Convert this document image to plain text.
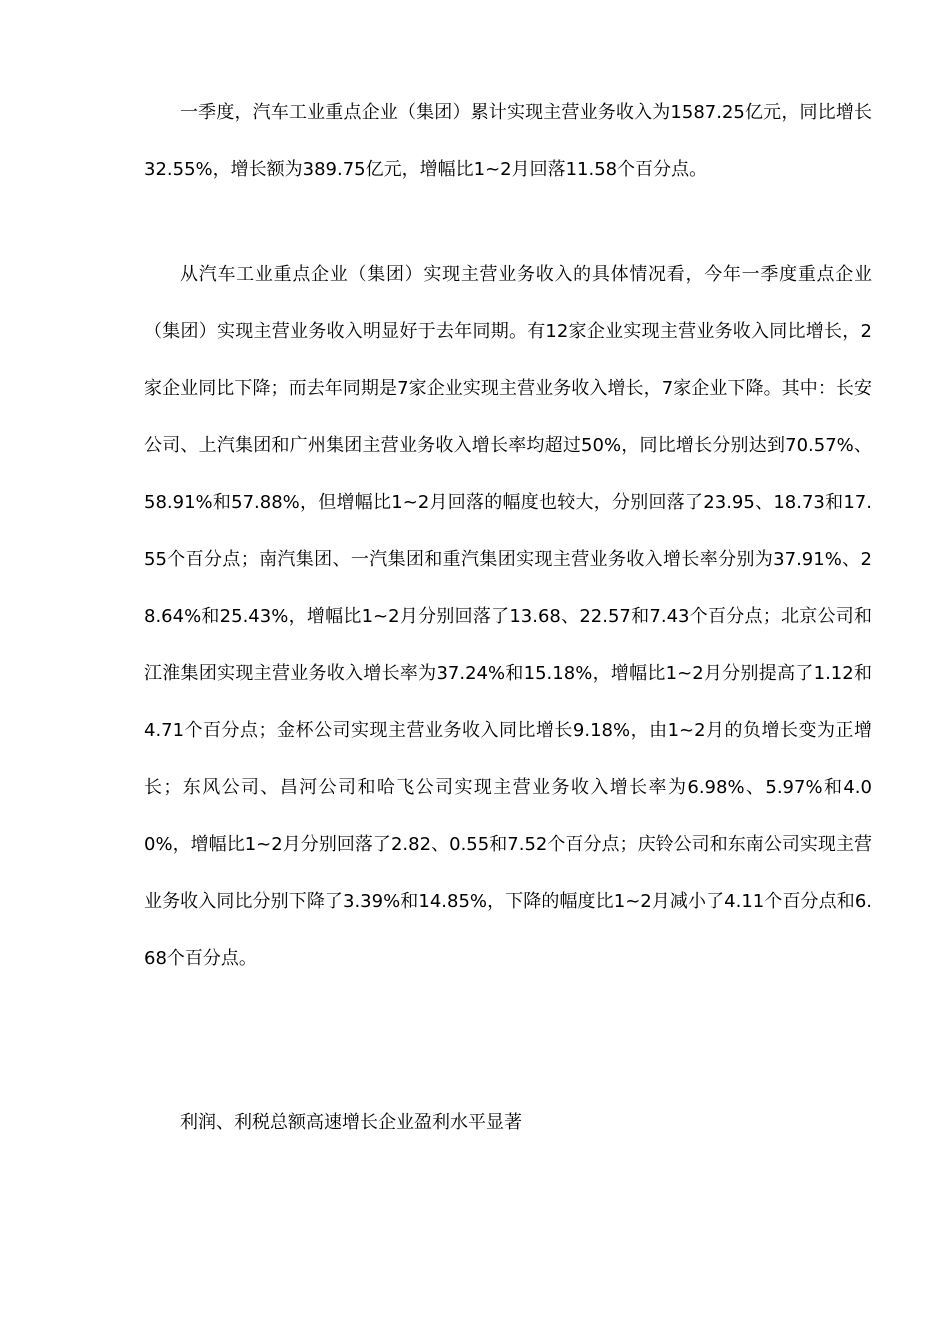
一季度，汽车工业重点企业（集团）累计实现主营业务收入为1587.25亿元，同比增长32.55%，增长额为389.75亿元，增幅比1~2月回落11.58个百分点。

从汽车工业重点企业（集团）实现主营业务收入的具体情况看，今年一季度重点企业（集团）实现主营业务收入明显好于去年同期。有12家企业实现主营业务收入同比增长，2家企业同比下降；而去年同期是7家企业实现主营业务收入增长，7家企业下降。其中：长安公司、上汽集团和广州集团主营业务收入增长率均超过50%，同比增长分别达到70.57%、58.91%和57.88%，但增幅比1~2月回落的幅度也较大，分别回落了23.95、18.73和17.55个百分点；南汽集团、一汽集团和重汽集团实现主营业务收入增长率分别为37.91%、28.64%和25.43%，增幅比1~2月分别回落了13.68、22.57和7.43个百分点；北京公司和江淮集团实现主营业务收入增长率为37.24%和15.18%，增幅比1~2月分别提高了1.12和4.71个百分点；金杯公司实现主营业务收入同比增长9.18%，由1~2月的负增长变为正增长；东风公司、昌河公司和哈飞公司实现主营业务收入增长率为6.98%、5.97%和4.00%，增幅比1~2月分别回落了2.82、0.55和7.52个百分点；庆铃公司和东南公司实现主营业务收入同比分别下降了3.39%和14.85%，下降的幅度比1~2月减小了4.11个百分点和6.68个百分点。

利润、利税总额高速增长企业盈利水平显著
